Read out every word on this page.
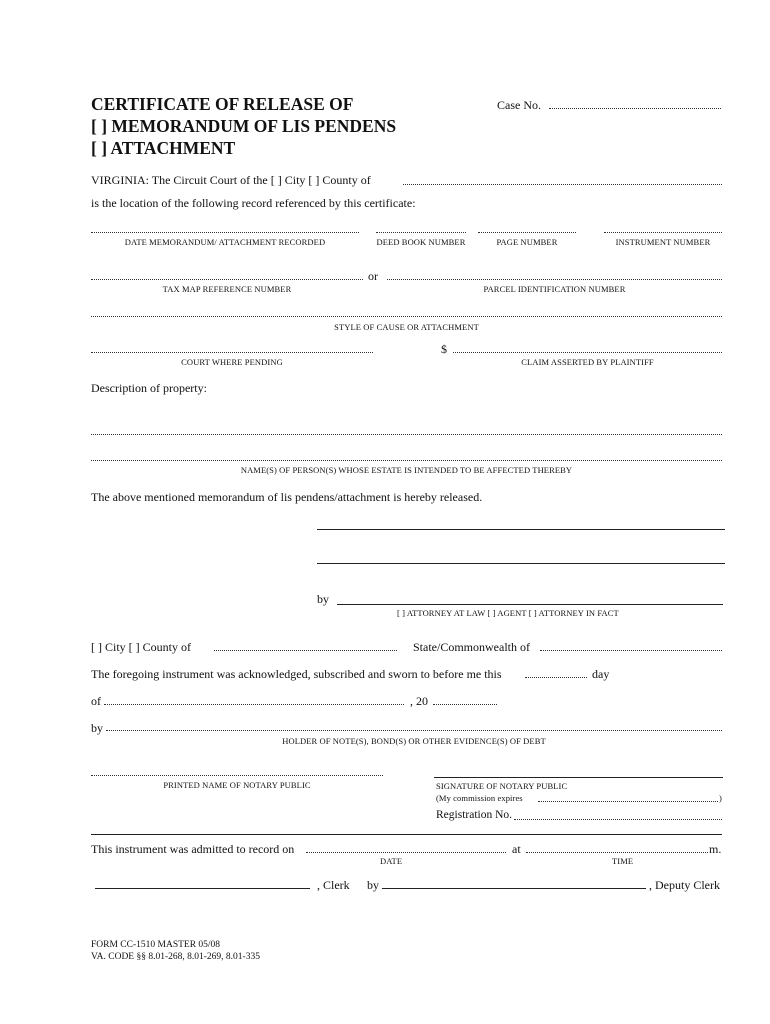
CERTIFICATE OF RELEASE OF
[ ] MEMORANDUM OF LIS PENDENS
[ ] ATTACHMENT
Case No.
VIRGINIA: The Circuit Court of the [ ] City [ ] County of
is the location of the following record referenced by this certificate:
DATE MEMORANDUM/ ATTACHMENT RECORDED	DEED BOOK NUMBER	PAGE NUMBER	INSTRUMENT NUMBER
or
TAX MAP REFERENCE NUMBER	PARCEL IDENTIFICATION NUMBER
STYLE OF CAUSE OR ATTACHMENT
$
COURT WHERE PENDING	CLAIM ASSERTED BY PLAINTIFF
Description of property:
NAME(S) OF PERSON(S) WHOSE ESTATE IS INTENDED TO BE AFFECTED THEREBY
The above mentioned memorandum of lis pendens/attachment is hereby released.
by
[ ] ATTORNEY AT LAW [ ] AGENT [ ] ATTORNEY IN FACT
[ ] City [ ] County of	State/Commonwealth of
The foregoing instrument was acknowledged, subscribed and sworn to before me this	day
of	, 20
by
HOLDER OF NOTE(S), BOND(S) OR OTHER EVIDENCE(S) OF DEBT
PRINTED NAME OF NOTARY PUBLIC	SIGNATURE OF NOTARY PUBLIC
(My commission expires	)
Registration No.
This instrument was admitted to record on	at	m.
DATE	TIME
, Clerk by	, Deputy Clerk
FORM CC-1510 MASTER 05/08
VA. CODE §§ 8.01-268, 8.01-269, 8.01-335
